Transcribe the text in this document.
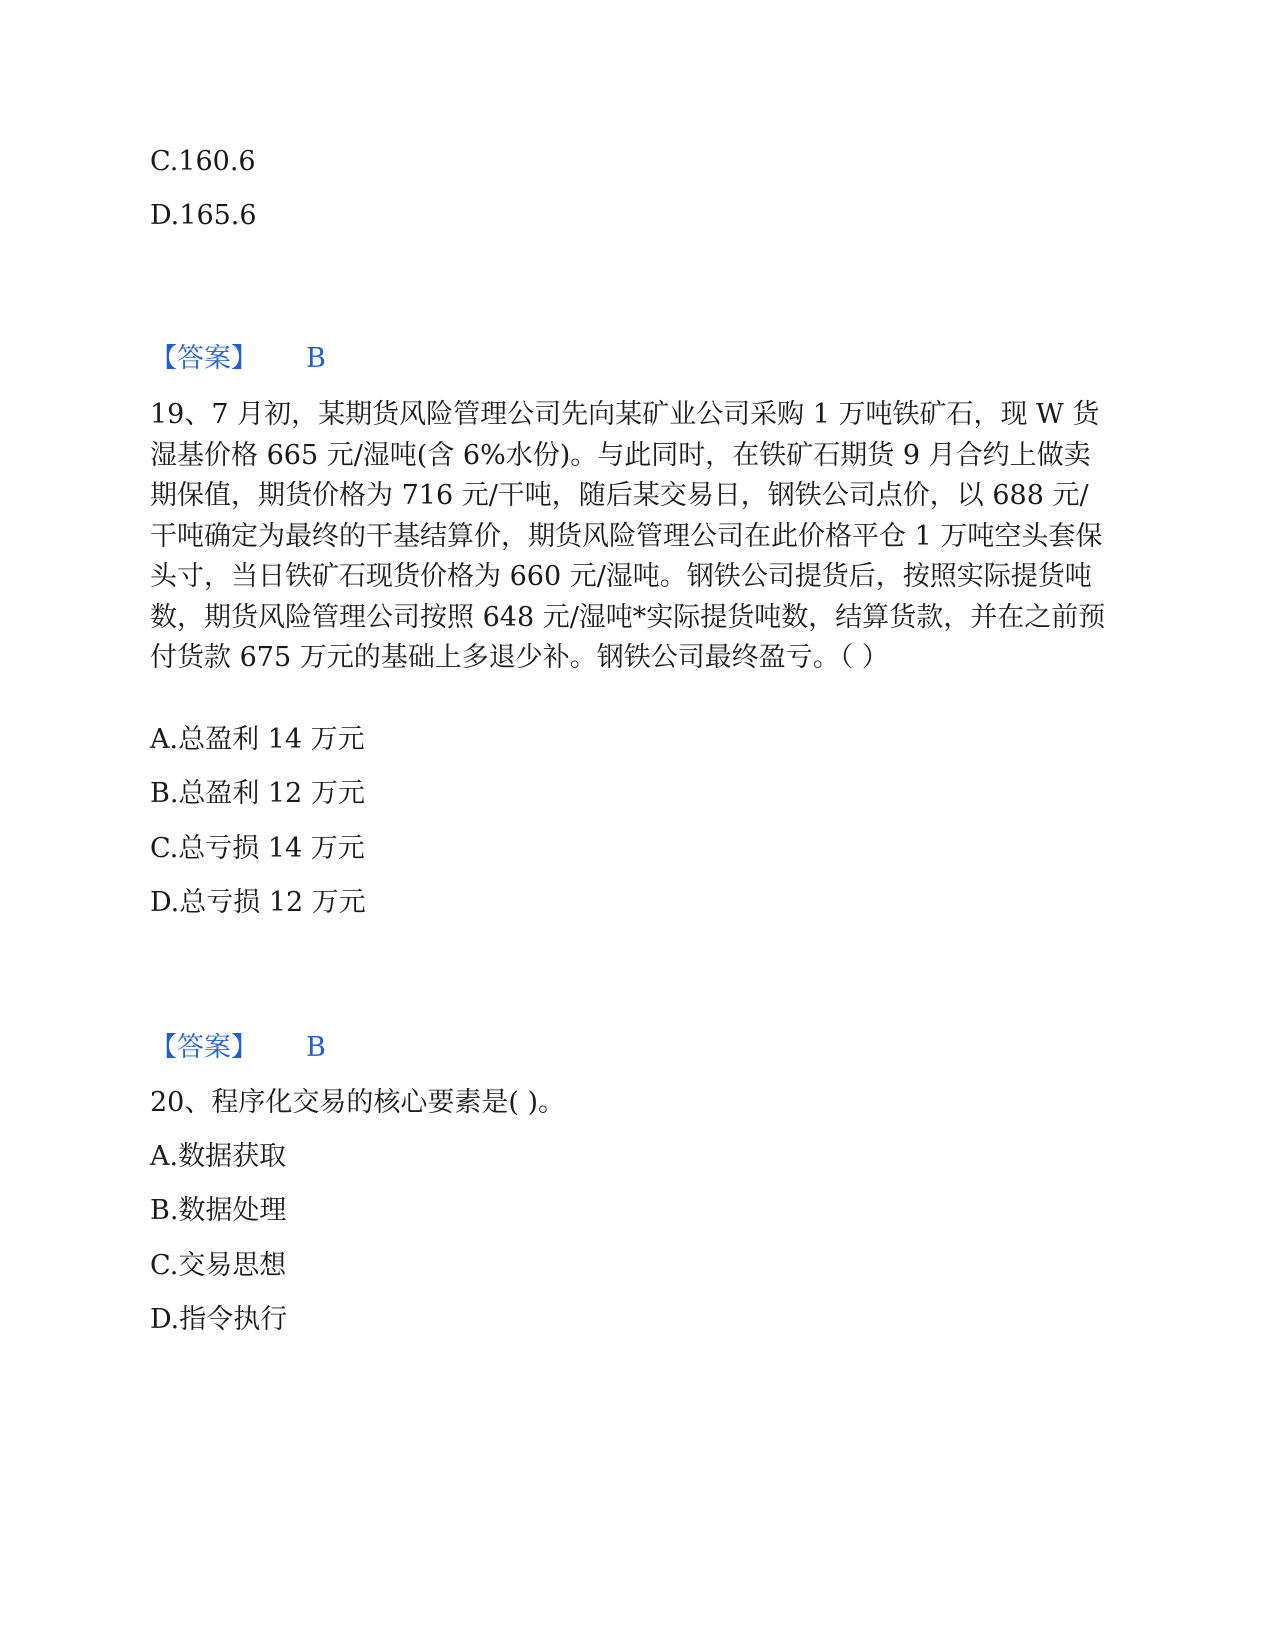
C.160.6
D.165.6
【答案】 B

19、7 月初，某期货风险管理公司先向某矿业公司采购 1 万吨铁矿石，现 W 货湿基价格 665 元/湿吨(含 6%水份)。与此同时，在铁矿石期货 9 月合约上做卖期保值，期货价格为 716 元/干吨，随后某交易日，钢铁公司点价，以 688 元/干吨确定为最终的干基结算价，期货风险管理公司在此价格平仓 1 万吨空头套保头寸，当日铁矿石现货价格为 660 元/湿吨。钢铁公司提货后，按照实际提货吨数，期货风险管理公司按照 648 元/湿吨*实际提货吨数，结算货款，并在之前预付货款 675 万元的基础上多退少补。钢铁公司最终盈亏。（ ）

A.总盈利 14 万元
B.总盈利 12 万元
C.总亏损 14 万元
D.总亏损 12 万元
【答案】 B
20、程序化交易的核心要素是( )。
A.数据获取
B.数据处理
C.交易思想
D.指令执行
